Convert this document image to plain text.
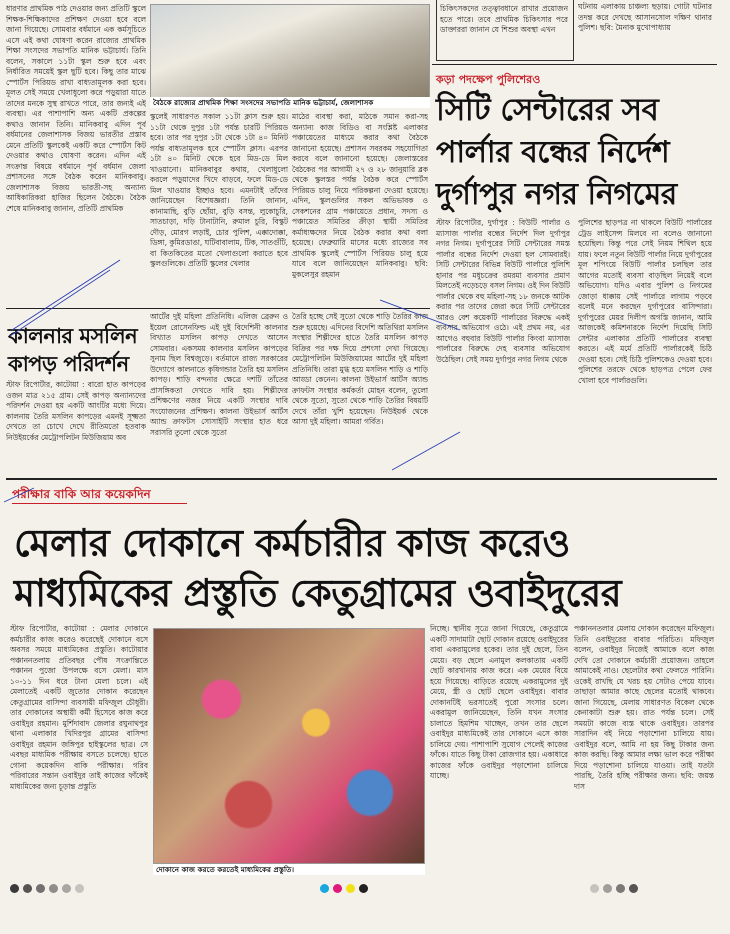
ধারণার প্রাথমিক পাঠ দেওয়ার জন্য প্রতিটি স্কুলে শিক্ষক-শিক্ষিকাদের প্রশিক্ষণ দেওয়া হবে বলে জানা গিয়েছে। সোমবার বর্ধমানে এক কর্মসূচিতে এসে এই কথা ঘোষণা করেন রাজ্যের প্রাথমিক শিক্ষা সংসদের সভাপতি মানিক ভট্টাচার্য। তিনি বলেন, সকালে ১১টা স্কুল শুরু হবে এবং নির্ধারিত সময়েই স্কুল ছুটি হবে। কিছু তার মাঝে স্পোর্টস পিরিয়ড রাখা বাধ্যতামূলক করা হবে। মূলত সেই সময়ে খেলাধুলো করে পড়ুয়ারা যাতে তাদের মনকে সুস্থ রাখতে পারে, তার জন্যই এই ব্যবস্থা। এর পাশাপাশি অন্য একটি প্রকল্পের কথাও জানান তিনি। মানিকবাবু এদিন পূর্ব বর্ধমানের জেলাশাসক বিজয় ভারতীর প্রস্তাব মেনে প্রতিটি স্কুলকেই একটি করে স্পোর্টস কিট দেওয়ার কথাও ঘোষণা করেন। এদিন এই সংক্রান্ত বিষয়ে বর্ধমানে পূর্ব বর্ধমান জেলা প্রশাসনের সঙ্গে বৈঠক করেন মানিকবাবু। জেলাশাসক বিজয় ভারতী-সহ অন্যান্য আধিকারিকরা হাজির ছিলেন বৈঠকে। বৈঠক শেষে মানিকবাবু জানান, প্রতিটি প্রাথমিক
বৈঠকে রাজ্যের প্রাথমিক শিক্ষা সংসদের সভাপতি মানিক ভট্টাচার্য, জেলাশাসক
স্কুলেই সাধারণত সকাল ১১টা ক্লাস শুরু হয়। ১১টা থেকে দুপুর ১টা পর্যন্ত চারটি পিরিয়ড হবে। তার পর দুপুর ১টা থেকে ১টা ৪০ মিনিট পর্যন্ত বাধ্যতামূলক হবে স্পোর্টস ক্লাস। এরপর ১টা ৪০ মিনিট থেকে হবে মিড-ডে মিল খাওয়ানো। মানিকবাবুর কথায়, খেলাধুলো করলে পড়ুয়াদের খিদে বাড়বে, ফলে মিড-ডে মিল খাওয়ার ইচ্ছাও হবে। এমনটাই তাঁদের জানিয়েছেন বিশেষজ্ঞরা। তিনি জানান, কানামাছি, বুড়ি ছোঁয়া, বুড়ি বসন্ত, লুকোচুরি, সাতচাড়া, দড়ি টানাটানি, রুমাল চুরি, বিস্কুট দৌড়, মোরগ লড়াই, চোর পুলিশ, এক্কাদোক্কা, ডিঙ্গা, কুমিরডাঙা, ঘটিবাবালাম, টিক, সাতগুঁটি, বা কিতকিতের মতো খেলাগুলো করাতে হবে স্কুলগুলিকে। প্রতিটি স্কুলের খেলার
মাঠের ব্যবস্থা করা, মাঠকে সমান করা-সহ অন্যান্য কাজ বিডিও বা সংশ্লিষ্ট এলাকার পঞ্চায়েতের মাধ্যমে করার কথা বৈঠকে জানানো হয়েছে। প্রশাসন সবরকম সহযোগিতা করবে বলে জানানো হয়েছে। জেলাস্তরের বৈঠকের পর আগামী ২৭ ও ২৮ জানুয়ারি ব্লক থেকে স্কুলস্তর পর্যন্ত বৈঠক করে স্পোর্টস পিরিয়ড চালু নিয়ে পরিকল্পনা দেওয়া হয়েছে। এদিন, স্কুলগুলির সকল অভিভাবক ও সেকশনের গ্রাম পঞ্চায়েতে প্রধান, সদস্য ও পঞ্চায়েত সমিতির ক্রীড়া স্থায়ী সমিতির কর্মাধ্যক্ষদের নিয়ে বৈঠক করার কথা বলা হয়েছে। ফেব্রুয়ারি মাসের মধ্যে রাজ্যের সব প্রাথমিক স্কুলেই স্পোর্টস পিরিয়ড চালু হয়ে যাবে বলে জানিয়েছেন মানিকবাবু। ছবি: মুকলেসুর রহমান
চিকিৎসকদের তত্ত্বাবধানে রাখার প্রয়োজন হতে পারে। তবে প্রাথমিক চিকিৎসার পরে ডাক্তাররা জানান যে শিশুর অবস্থা এখন
ঘটনায় এলাকায় চাঞ্চল্য ছড়ায়। গোটা ঘটনার তদন্ত করে দেখছে আসানসোল দক্ষিণ থানার পুলিশ। ছবি: মৈনাক মুখোপাধ্যায়
কড়া পদক্ষেপ পুলিশেরও
সিটি সেন্টারের সব
পার্লার বন্ধের নির্দেশ
দুর্গাপুর নগর নিগমের
স্টাফ রিপোর্টার, দুর্গাপুর : বিউটি পার্লার ও ম্যাসাজ পার্লার বন্ধের নির্দেশ দিল দুর্গাপুর নগর নিগম। দুর্গাপুরের সিটি সেন্টারের সমস্ত পার্লার বন্ধের নির্দেশ দেওয়া হল সোমবারই। সিটি সেন্টারের বিভিন্ন বিউটি পার্লারে পুলিশি হানার পর মধুচক্রের রমরমা ব্যবসার প্রমাণ মিলতেই নড়েচড়ে বসল নিগম। ওই দিন বিউটি পার্লার থেকে বহু মহিলা-সহ ১৮ জনকে আটক করার পর তাদের জেরা করে সিটি সেন্টারের আরও বেশ কয়েকটি পার্লারের বিরুদ্ধে একই ব্যবসার অভিযোগ ওঠে। এই প্রথম নয়, এর আগেও বহুবার বিউটি পার্লার কিংবা ম্যাসাজ পার্লারের বিরুদ্ধে দেহ ব্যবসার অভিযোগ উঠেছিল। সেই সময় দুর্গাপুর নগর নিগম থেকে
পুলিশের ছাড়পত্র না থাকলে বিউটি পার্লারের ট্রেড লাইসেন্স মিলবে না বলেও জানানো হয়েছিল। কিন্তু পরে সেই নিয়ম শিথিল হয়ে যায়। ফলে নতুন বিউটি পার্লার নিয়ে দুর্গাপুরের মূল শপিংয়ে বিউটি পার্লার চলছিল তার আগের মতোই ব্যবসা বাড়ছিল নিয়েই বলে অভিযোগ। যদিও এবার পুলিশ ও নিগমের জোড়া ধাক্কায় সেই পার্লারে লাগাম পড়বে বলেই মনে করছেন দুর্গাপুরের বাসিন্দারা। দুর্গাপুরের মেয়র দিলীপ অগস্তি জানান, আমি আজকেই কমিশনারকে নির্দেশ দিয়েছি সিটি সেন্টার এলাকার প্রতিটি পার্লারের ব্যবস্থা করতে। এই মর্মে প্রতিটি পার্লারকেই চিঠি দেওয়া হবে। সেই চিঠি পুলিশকেও দেওয়া হবে। পুলিশের তরফে থেকে ছাড়পত্র পেলে ফের খোলা হবে পার্লারগুলি।
কালনার মসলিন
কাপড় পরিদর্শন
স্টাফ রিপোর্টার, কাটোয়া : বারো হাত কাপড়ের ওজন মাত্র ২১৫ গ্রাম। সেই কাপড় অন্যান্যদের পরিদর্শন দেওয়া হয় একটি আংটির মধ্যে দিয়ে। কালনায় তৈরি মসলিন কাপড়ের এমনই সূক্ষ্মতা দেখতে তা চোখে দেখে রীতিমতো হতবাক নিউইয়র্কের মেট্রোপলিটন মিউজিয়াম অব
আর্টের দুই মহিলা প্রতিনিধি। এলিজ ব্রেরুন ও ইয়েল রোসেনফিল্ড এই দুই বিদেশিনী কালনার বিখ্যাত মসলিন কাপড় দেখতে আসেন সোমবার। একসময় কালনার মসলিন কাপড়ের সুনাম ছিল বিশ্বজুড়ে। বর্তমানে রাজ্য সরকারের উদ্যোগে কালনাতে কৃষিগন্ডার তৈরি হয় মসলিন কাপড়। শাড়ি বন্দনার ক্ষেত্রে দশটি তাঁতের প্রাসঙ্গিকতা দেখতে দাবি হয়। শিল্পীদের প্রশিক্ষণের নজর নিয়ে একটি সংস্থার দাবি সংযোজনের প্রশিক্ষণ। কালনা উইভার্স আর্টস অ্যান্ড ক্রাফটস সোসাইটি সংস্থার হাত ধরে সরাসরি তুলো থেকে সুতো
তৈরি হচ্ছে সেই সুতো থেকে শাড়ি তৈরির কাজ শুরু হয়েছে। এদিনের বিদেশি অতিথিরা মসলিন সংস্থার শিল্পীদের হাতে তৈরি মসলিন কাপড় বিক্রির পর দক্ষ দিয়ে প্রশংসা দেখা গিয়েছে। মেট্রোপলিটন মিউজিয়ামের আর্টের দুই মহিলা প্রতিনিধি। তারা মুগ্ধ হয়ে মসলিন শাড়ি ও শাড়ি আড্ডা কেনেন। কালনা উইভার্স আর্টস অ্যান্ড ক্রাফটস সংস্থার কর্মকর্তা মোহন বলেন, তুলো থেকে সুতো, সুতো থেকে শাড়ি তৈরির বিষয়টি দেখে তাঁরা খুশি হয়েছেন। নিউইয়র্ক থেকে আসা দুই মহিলা। আমরা গর্বিত।
পরীক্ষার বাকি আর কয়েকদিন
মেলার দোকানে কর্মচারীর কাজ করেও
মাধ্যমিকের প্রস্তুতি কেতুগ্রামের ওবাইদুরের
স্টাফ রিপোর্টার, কাটোয়া : মেলার দোকানে কর্মচারীর কাজ করেও করেছেই দোকানে বসে অবসর সময়ে মাধ্যমিকের প্রস্তুতি। কাটোয়ার পঞ্চাননতলায় প্রতিবছর পৌষ সংক্রান্তিতে পঞ্চানন পুজো উপলক্ষে বসে মেলা। মাস ১০-১১ দিন ধরে টানা মেলা চলে। এই মেলাতেই একটি জুতোর দোকান করেছেন কেতুগ্রামের বাসিন্দা ব্যবসায়ী মফিজুল চৌধুরী। তার দোকানের অস্থায়ী কর্মী হিসেবে কাজ করে ওবাইদুর রহমান। মুর্শিদাবাদ জেলার রঘুনাথপুর থানা এলাকার খিদিরপুর গ্রামের বাসিন্দা ওবাইদুর রহমান জঙ্গিপুর হাইস্কুলের ছাত্র। সে এবছর মাধ্যমিক পরীক্ষায় বসতে চলেছে। হাতে গোনা কয়েকদিন বাকি পরীক্ষার। গরিব পরিবারের সন্তান ওবাইদুর তাই কাজের ফাঁকেই মাধ্যমিকের জন্য চূড়ান্ত প্রস্তুতি
দোকানে কাজ করতে করতেই মাধ্যমিকের প্রস্তুতি।
নিচ্ছে। স্থানীয় সূত্রে জানা গিয়েছে, কেতুগ্রামে একটি সাদামাটা ছোট দোকান রয়েছে ওবাইদুরের বাবা একরামুলের হকের। তার দুই ছেলে, তিন মেয়ে। বড় ছেলে এনামুল কলকাতায় একটি ছোট কারখানায় কাজ করে। এক মেয়ের বিয়ে হয়ে গিয়েছে। বাড়িতে রয়েছে একরামুলের দুই মেয়ে, স্ত্রী ও ছোট ছেলে ওবাইদুর। বাবার দোকানটিই ভরসাতেই পুরো সংসার চলে। একরামুল জানিয়েছেন, তিনি যখন সংসার চালাতে হিমশিম খাচ্ছেন, তখন তার ছেলে ওবাইদুর মাধ্যমিকেই তার দোকানে এসে কাজ চালিয়ে দেয়। পাশাপাশি সুযোগ পেলেই কাজের ফাঁকে। যাতে কিছু টাকা রোজগার হয়। একাধারে কাজের ফাঁকে ওবাইদুর পড়াশোনা চালিয়ে যাচ্ছে।
পঞ্চাননতলার মেলায় দোকান করেছেন মফিজুল। তিনি ওবাইদুরের বাবার পরিচিত। মফিজুল বলেন, ওবাইদুর নিজেই আমাকে বলে কাজ দেখি তো দোকানে কর্মচারী প্রয়োজন। তাহলে আমাকেই নাও। ছেলেটার কথা ফেলতে পারিনি। ওকেই রাখছি যে খরচ হয় সেটাও পেয়ে যাবে। তাছাড়া আমার কাছে ছেলের মতোই থাকবে। জানা গিয়েছে, মেলায় সাধারণত বিকেল থেকে কেনাকাটা শুরু হয়। রাত পর্যন্ত চলে। সেই সময়টা কাজে ব্যস্ত থাকে ওবাইদুর। তারপর সারাদিন বই নিয়ে পড়াশোনা চালিয়ে যায়। ওবাইদুর বলে, আমি না হয় কিছু টাকার জন্য কাজ করছি। কিন্তু আমার লক্ষ্য ভাল করে পরীক্ষা দিয়ে পড়াশোনা চালিয়ে যাওয়া। তাই যতটা পারছি, তৈরি হচ্ছি পরীক্ষার জন্য। ছবি: জয়ন্ত দাস
